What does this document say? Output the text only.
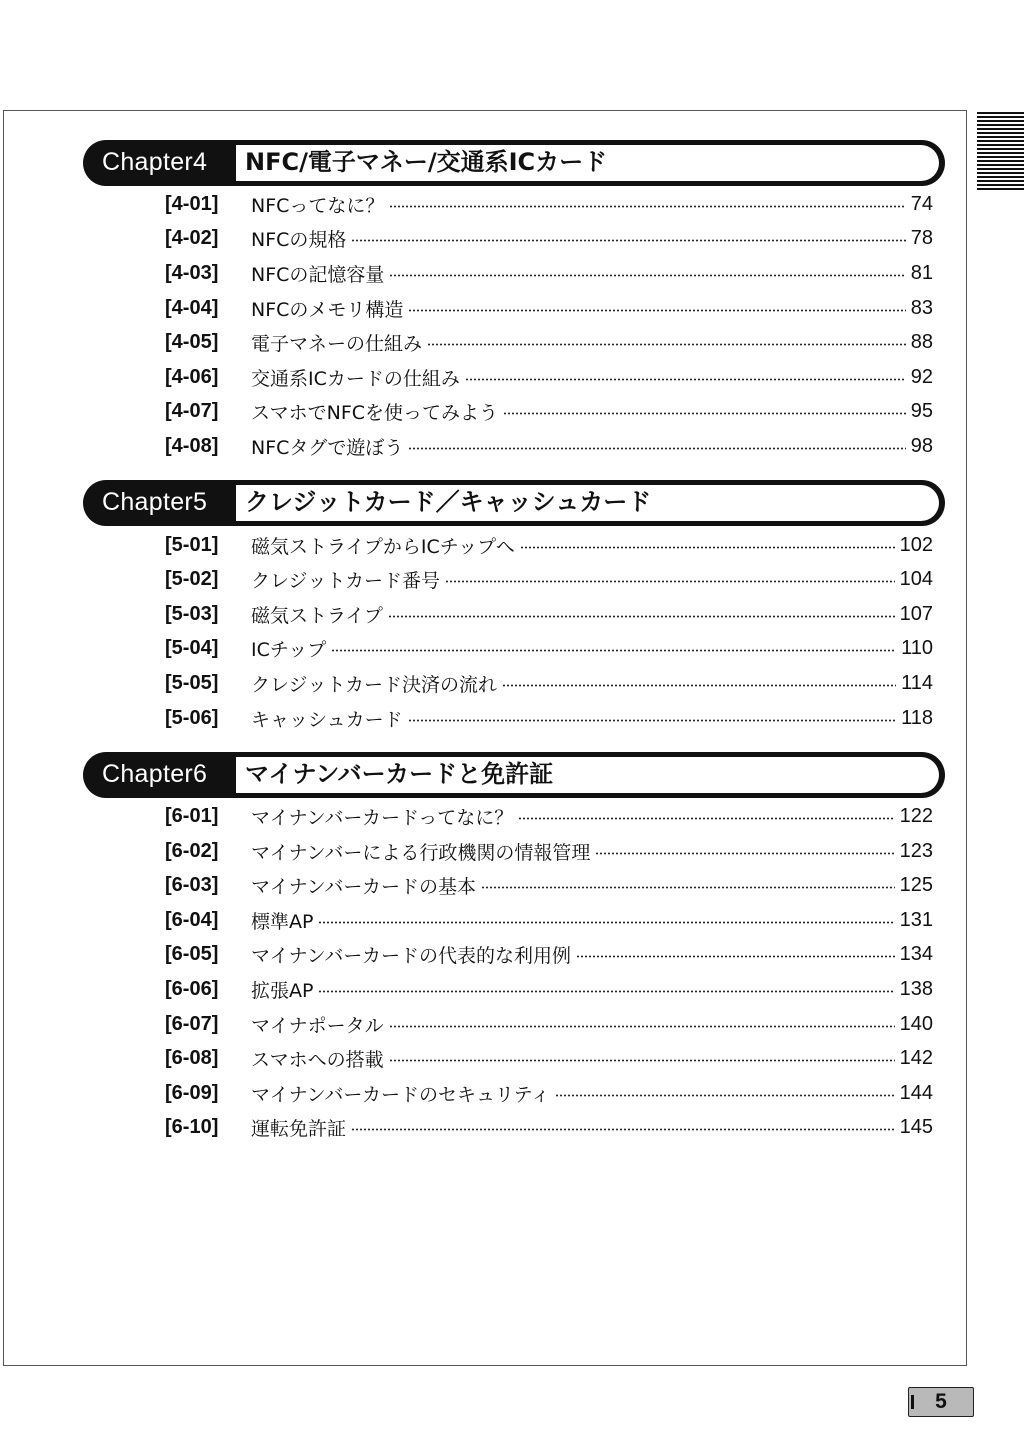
Chapter4 NFC/電子マネー/交通系ICカード
[4-01]	NFCってなに？	74
[4-02]	NFCの規格	78
[4-03]	NFCの記憶容量	81
[4-04]	NFCのメモリ構造	83
[4-05]	電子マネーの仕組み	88
[4-06]	交通系ICカードの仕組み	92
[4-07]	スマホでNFCを使ってみよう	95
[4-08]	NFCタグで遊ぼう	98
Chapter5 クレジットカード／キャッシュカード
[5-01]	磁気ストライプからICチップへ	102
[5-02]	クレジットカード番号	104
[5-03]	磁気ストライプ	107
[5-04]	ICチップ	110
[5-05]	クレジットカード決済の流れ	114
[5-06]	キャッシュカード	118
Chapter6 マイナンバーカードと免許証
[6-01]	マイナンバーカードってなに？	122
[6-02]	マイナンバーによる行政機関の情報管理	123
[6-03]	マイナンバーカードの基本	125
[6-04]	標準AP	131
[6-05]	マイナンバーカードの代表的な利用例	134
[6-06]	拡張AP	138
[6-07]	マイナポータル	140
[6-08]	スマホへの搭載	142
[6-09]	マイナンバーカードのセキュリティ	144
[6-10]	運転免許証	145
5
